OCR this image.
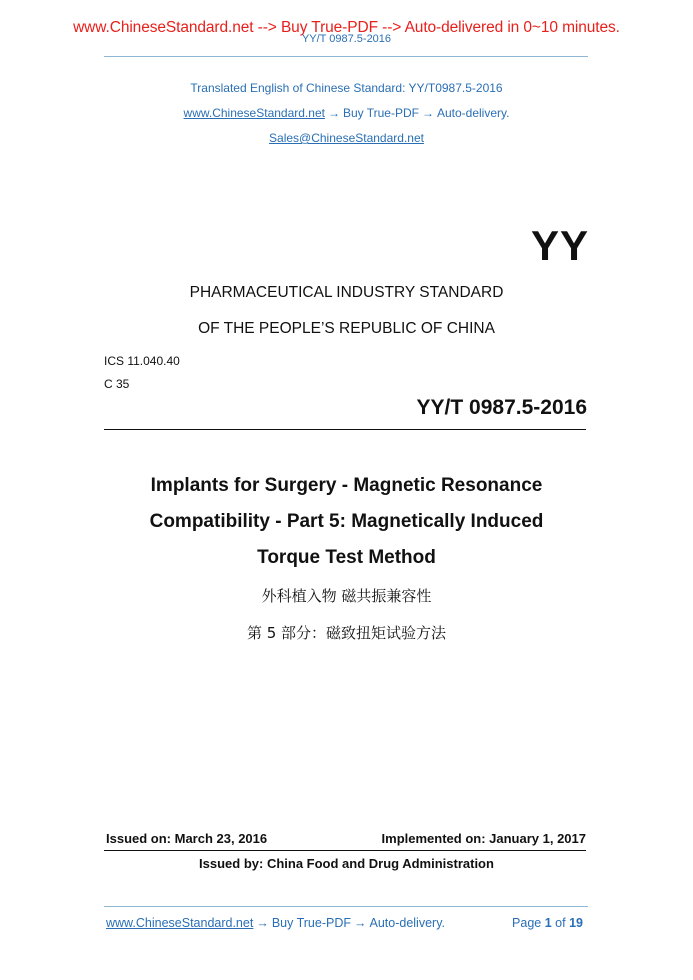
www.ChineseStandard.net --> Buy True-PDF --> Auto-delivered in 0~10 minutes.
YY/T 0987.5-2016
Translated English of Chinese Standard: YY/T0987.5-2016
www.ChineseStandard.net → Buy True-PDF → Auto-delivery.
Sales@ChineseStandard.net
YY
PHARMACEUTICAL INDUSTRY STANDARD
OF THE PEOPLE’S REPUBLIC OF CHINA
ICS 11.040.40
C 35
YY/T 0987.5-2016
Implants for Surgery - Magnetic Resonance
Compatibility - Part 5: Magnetically Induced
Torque Test Method
外科植入物 磁共振兼容性
第 5 部分：磁致扭矩试验方法
Issued on: March 23, 2016	Implemented on: January 1, 2017
Issued by: China Food and Drug Administration
www.ChineseStandard.net → Buy True-PDF → Auto-delivery.	Page 1 of 19
